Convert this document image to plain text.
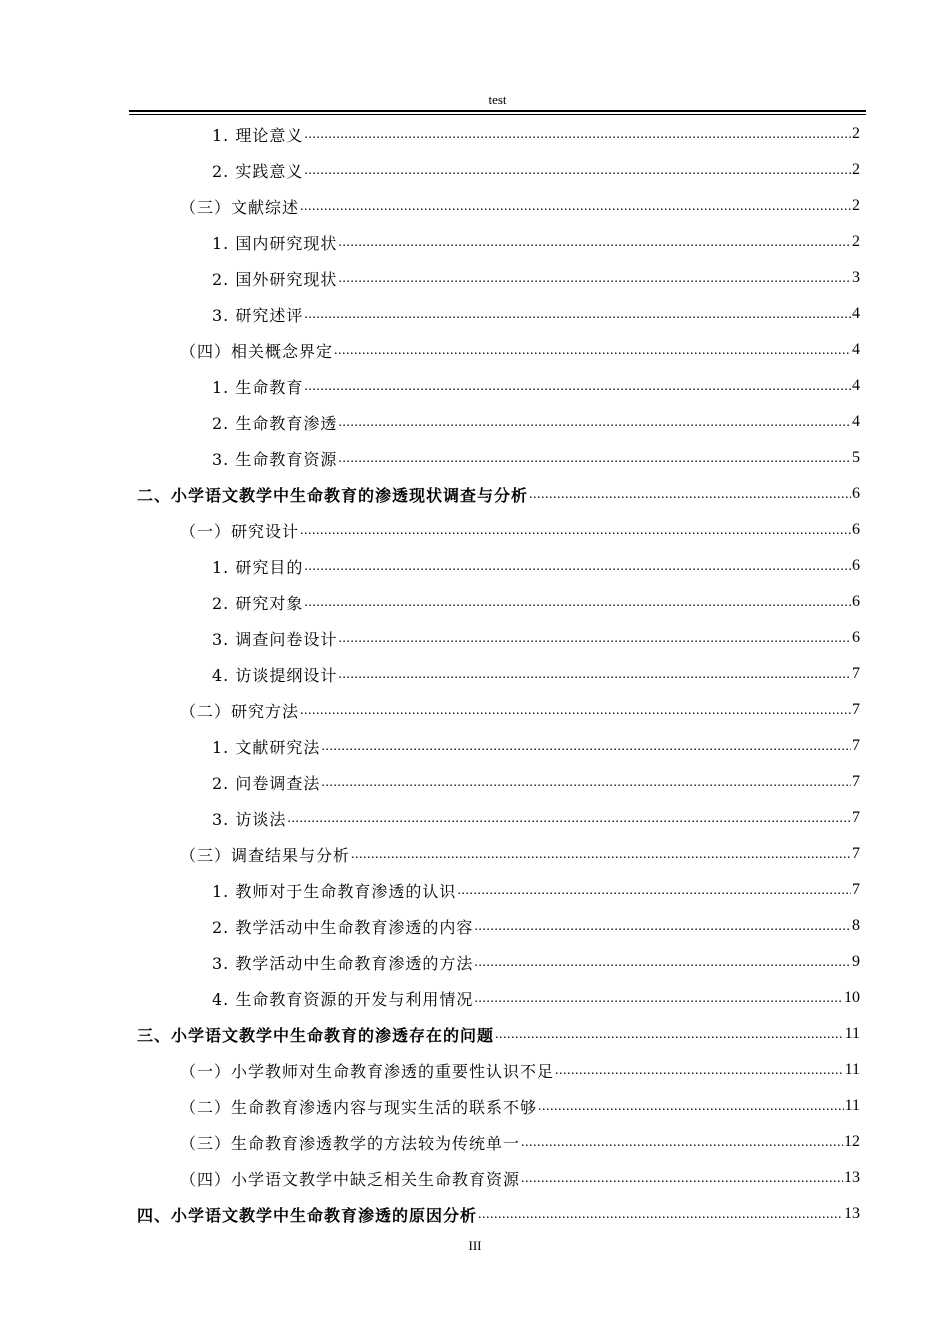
test
1. 理论意义 .....	2
2. 实践意义 .....	2
（三）文献综述 .....	2
1. 国内研究现状 .....	2
2. 国外研究现状 .....	3
3. 研究述评 .....	4
（四）相关概念界定 .....	4
1. 生命教育 .....	4
2. 生命教育渗透 .....	4
3. 生命教育资源 .....	5
二、小学语文教学中生命教育的渗透现状调查与分析 .....	6
（一）研究设计 .....	6
1. 研究目的 .....	6
2. 研究对象 .....	6
3. 调查问卷设计 .....	6
4. 访谈提纲设计 .....	7
（二）研究方法 .....	7
1. 文献研究法 .....	7
2. 问卷调查法 .....	7
3. 访谈法 .....	7
（三）调查结果与分析 .....	7
1. 教师对于生命教育渗透的认识 .....	7
2. 教学活动中生命教育渗透的内容 .....	8
3. 教学活动中生命教育渗透的方法 .....	9
4. 生命教育资源的开发与利用情况 .....	10
三、小学语文教学中生命教育的渗透存在的问题 .....	11
（一）小学教师对生命教育渗透的重要性认识不足 .....	11
（二）生命教育渗透内容与现实生活的联系不够 .....	11
（三）生命教育渗透教学的方法较为传统单一 .....	12
（四）小学语文教学中缺乏相关生命教育资源 .....	13
四、小学语文教学中生命教育渗透的原因分析 .....	13
III
